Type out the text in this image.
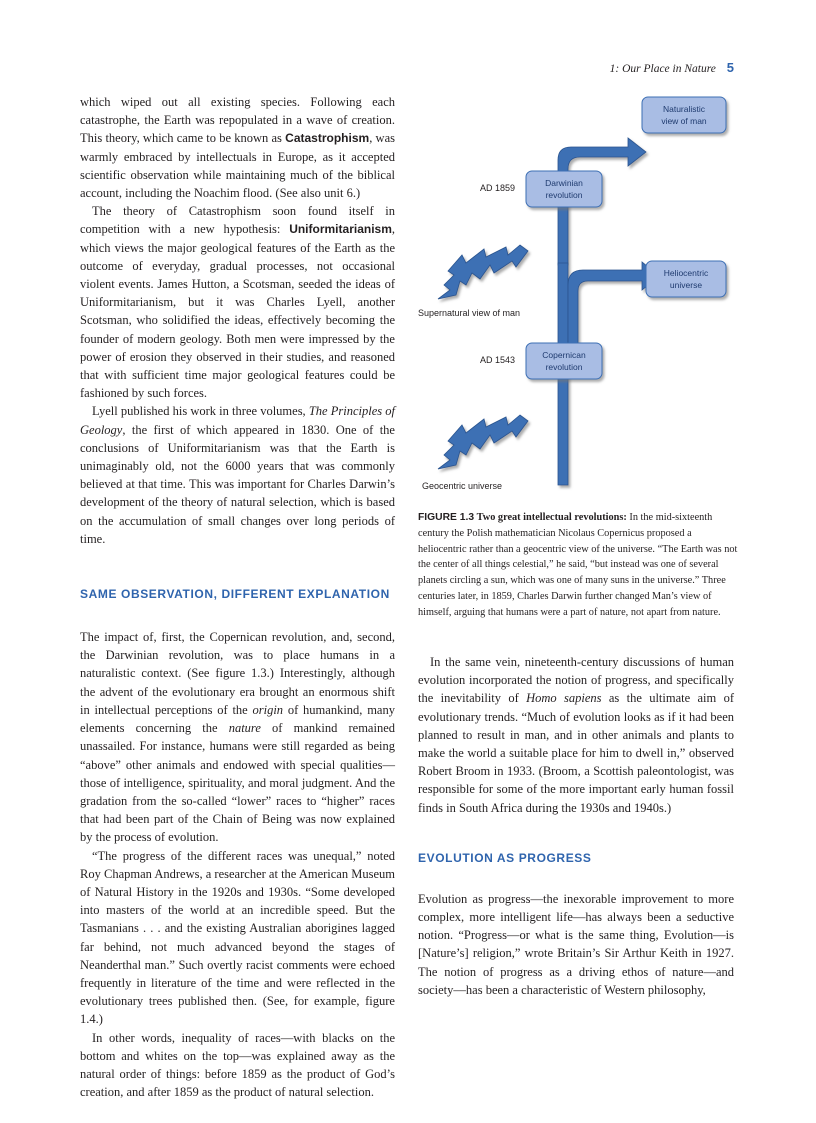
1: Our Place in Nature 5

which wiped out all existing species. Following each catastrophe, the Earth was repopulated in a wave of creation. This theory, which came to be known as Catastrophism, was warmly embraced by intellectuals in Europe, as it accepted scientific observation while maintaining much of the biblical account, including the Noachim flood. (See also unit 6.)

The theory of Catastrophism soon found itself in competition with a new hypothesis: Uniformitarianism, which views the major geological features of the Earth as the outcome of everyday, gradual processes, not occasional violent events. James Hutton, a Scotsman, seeded the ideas of Uniformitarianism, but it was Charles Lyell, another Scotsman, who solidified the ideas, effectively becoming the founder of modern geology. Both men were impressed by the power of erosion they observed in their studies, and reasoned that with sufficient time major geological features could be fashioned by such forces.

Lyell published his work in three volumes, The Principles of Geology, the first of which appeared in 1830. One of the conclusions of Uniformitarianism was that the Earth is unimaginably old, not the 6000 years that was commonly believed at that time. This was important for Charles Darwin’s development of the theory of natural selection, which is based on the accumulation of small changes over long periods of time.

SAME OBSERVATION, DIFFERENT EXPLANATION

The impact of, first, the Copernican revolution, and, second, the Darwinian revolution, was to place humans in a naturalistic context. (See figure 1.3.) Interestingly, although the advent of the evolutionary era brought an enormous shift in intellectual perceptions of the origin of humankind, many elements concerning the nature of mankind remained unassailed. For instance, humans were still regarded as being “above” other animals and endowed with special qualities—those of intelligence, spirituality, and moral judgment. And the gradation from the so-called “lower” races to “higher” races that had been part of the Chain of Being was now explained by the process of evolution.

“The progress of the different races was unequal,” noted Roy Chapman Andrews, a researcher at the American Museum of Natural History in the 1920s and 1930s. “Some developed into masters of the world at an incredible speed. But the Tasmanians . . . and the existing Australian aborigines lagged far behind, not much advanced beyond the stages of Neanderthal man.” Such overtly racist comments were echoed frequently in literature of the time and were reflected in the evolutionary trees published then. (See, for example, figure 1.4.)

In other words, inequality of races—with blacks on the bottom and whites on the top—was explained away as the natural order of things: before 1859 as the product of God’s creation, and after 1859 as the product of natural selection.

Naturalistic
view of man
Darwinian
revolution
Heliocentric
universe
Copernican
revolution
AD 1859
AD 1543
Supernatural view of man
Geocentric universe
FIGURE 1.3 Two great intellectual revolutions: In the mid-sixteenth century the Polish mathematician Nicolaus Copernicus proposed a heliocentric rather than a geocentric view of the universe. “The Earth was not the center of all things celestial,” he said, “but instead was one of several planets circling a sun, which was one of many suns in the universe.” Three centuries later, in 1859, Charles Darwin further changed Man’s view of himself, arguing that humans were a part of nature, not apart from nature.

In the same vein, nineteenth-century discussions of human evolution incorporated the notion of progress, and specifically the inevitability of Homo sapiens as the ultimate aim of evolutionary trends. “Much of evolution looks as if it had been planned to result in man, and in other animals and plants to make the world a suitable place for him to dwell in,” observed Robert Broom in 1933. (Broom, a Scottish paleontologist, was responsible for some of the more important early human fossil finds in South Africa during the 1930s and 1940s.)

EVOLUTION AS PROGRESS

Evolution as progress—the inexorable improvement to more complex, more intelligent life—has always been a seductive notion. “Progress—or what is the same thing, Evolution—is [Nature’s] religion,” wrote Britain’s Sir Arthur Keith in 1927. The notion of progress as a driving ethos of nature—and society—has been a characteristic of Western philosophy,
